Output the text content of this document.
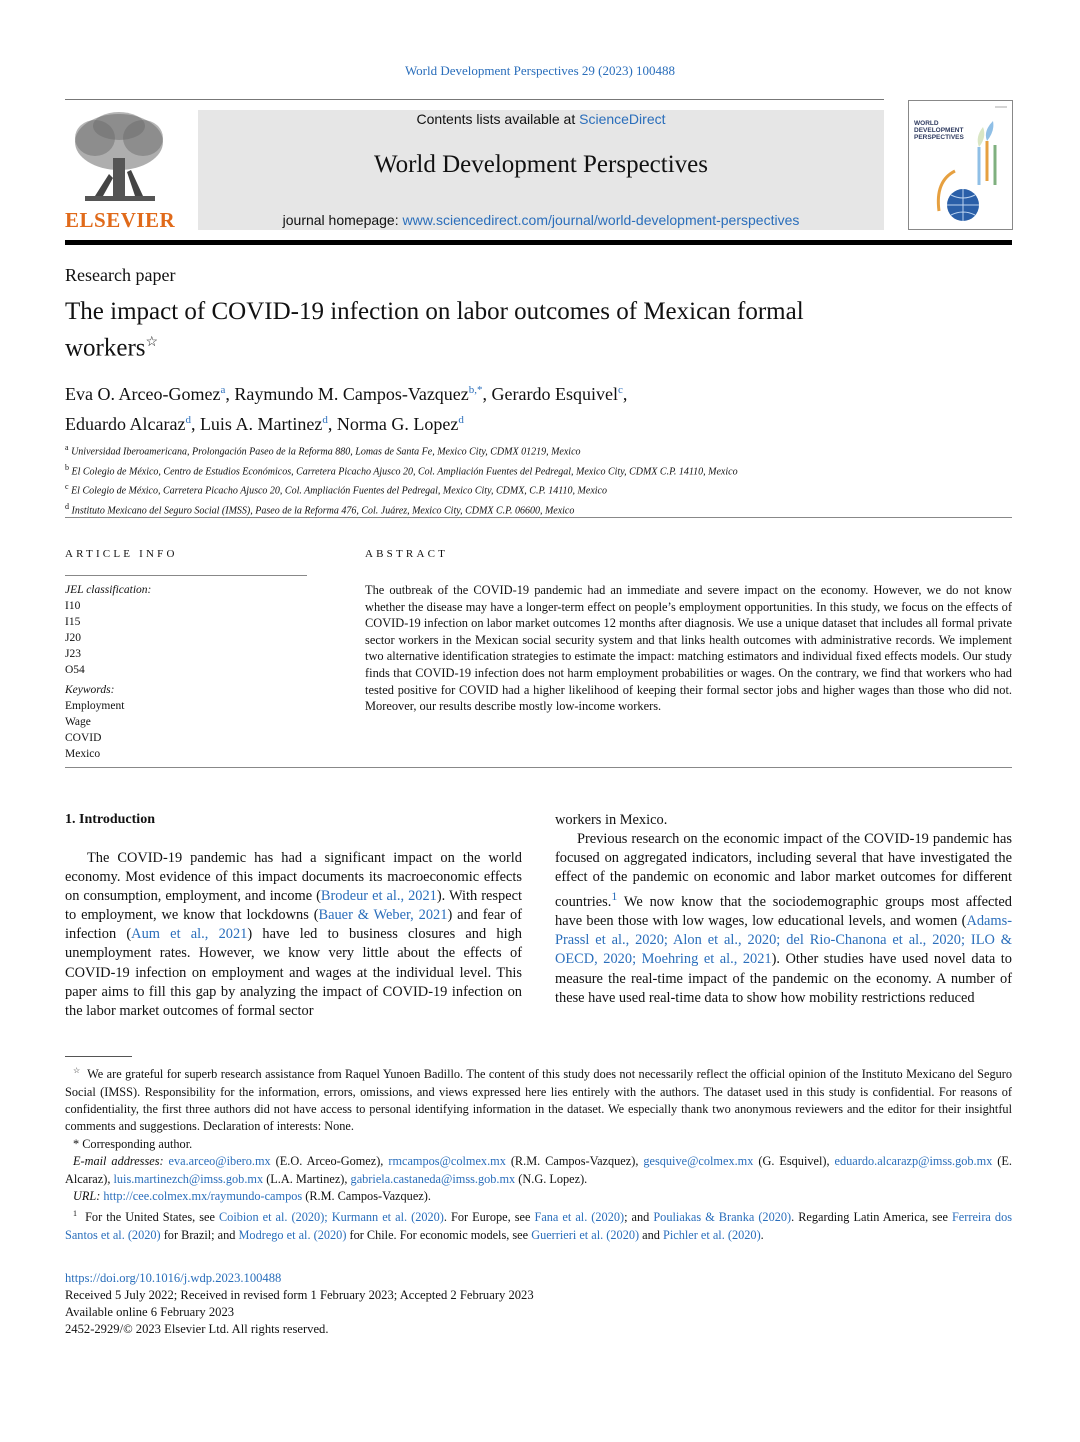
World Development Perspectives 29 (2023) 100488
ELSEVIER
Contents lists available at ScienceDirect
World Development Perspectives
journal homepage: www.sciencedirect.com/journal/world-development-perspectives
WORLD DEVELOPMENT PERSPECTIVES
Research paper
The impact of COVID-19 infection on labor outcomes of Mexican formal workers☆
Eva O. Arceo-Gomez$^a$, Raymundo M. Campos-Vazquez$^{b,*}$, Gerardo Esquivel$^c$,
Eduardo Alcaraz$^d$, Luis A. Martinez$^d$, Norma G. Lopez$^d$
$^a$ Universidad Iberoamericana, Prolongación Paseo de la Reforma 880, Lomas de Santa Fe, Mexico City, CDMX 01219, Mexico
$^b$ El Colegio de México, Centro de Estudios Económicos, Carretera Picacho Ajusco 20, Col. Ampliación Fuentes del Pedregal, Mexico City, CDMX C.P. 14110, Mexico
$^c$ El Colegio de México, Carretera Picacho Ajusco 20, Col. Ampliación Fuentes del Pedregal, Mexico City, CDMX, C.P. 14110, Mexico
$^d$ Instituto Mexicano del Seguro Social (IMSS), Paseo de la Reforma 476, Col. Juárez, Mexico City, CDMX C.P. 06600, Mexico
ARTICLE INFO
JEL classification:
I10
I15
J20
J23
O54
Keywords:
Employment
Wage
COVID
Mexico
ABSTRACT
The outbreak of the COVID-19 pandemic had an immediate and severe impact on the economy. However, we do not know whether the disease may have a longer-term effect on people’s employment opportunities. In this study, we focus on the effects of COVID-19 infection on labor market outcomes 12 months after diagnosis. We use a unique dataset that includes all formal private sector workers in the Mexican social security system and that links health outcomes with administrative records. We implement two alternative identification strategies to estimate the impact: matching estimators and individual fixed effects models. Our study finds that COVID-19 infection does not harm employment probabilities or wages. On the contrary, we find that workers who had tested positive for COVID had a higher likelihood of keeping their formal sector jobs and higher wages than those who did not. Moreover, our results describe mostly low-income workers.
1. Introduction

The COVID-19 pandemic has had a significant impact on the world economy. Most evidence of this impact documents its macroeconomic effects on consumption, employment, and income (Brodeur et al., 2021). With respect to employment, we know that lockdowns (Bauer & Weber, 2021) and fear of infection (Aum et al., 2021) have led to business closures and high unemployment rates. However, we know very little about the effects of COVID-19 infection on employment and wages at the individual level. This paper aims to fill this gap by analyzing the impact of COVID-19 infection on the labor market outcomes of formal sector

workers in Mexico.

Previous research on the economic impact of the COVID-19 pandemic has focused on aggregated indicators, including several that have investigated the effect of the pandemic on economic and labor market outcomes for different countries.$^1$ We now know that the sociodemographic groups most affected have been those with low wages, low educational levels, and women (Adams-Prassl et al., 2020; Alon et al., 2020; del Rio-Chanona et al., 2020; ILO & OECD, 2020; Moehring et al., 2021). Other studies have used novel data to measure the real-time impact of the pandemic on the economy. A number of these have used real-time data to show how mobility restrictions reduced

☆ We are grateful for superb research assistance from Raquel Yunoen Badillo. The content of this study does not necessarily reflect the official opinion of the Instituto Mexicano del Seguro Social (IMSS). Responsibility for the information, errors, omissions, and views expressed here lies entirely with the authors. The dataset used in this study is confidential. For reasons of confidentiality, the first three authors did not have access to personal identifying information in the dataset. We especially thank two anonymous reviewers and the editor for their insightful comments and suggestions. Declaration of interests: None.

* Corresponding author.

E-mail addresses: eva.arceo@ibero.mx (E.O. Arceo-Gomez), rmcampos@colmex.mx (R.M. Campos-Vazquez), gesquive@colmex.mx (G. Esquivel), eduardo.alcarazp@imss.gob.mx (E. Alcaraz), luis.martinezch@imss.gob.mx (L.A. Martinez), gabriela.castaneda@imss.gob.mx (N.G. Lopez).

URL: http://cee.colmex.mx/raymundo-campos (R.M. Campos-Vazquez).

$^1$ For the United States, see Coibion et al. (2020); Kurmann et al. (2020). For Europe, see Fana et al. (2020); and Pouliakas & Branka (2020). Regarding Latin America, see Ferreira dos Santos et al. (2020) for Brazil; and Modrego et al. (2020) for Chile. For economic models, see Guerrieri et al. (2020) and Pichler et al. (2020).

https://doi.org/10.1016/j.wdp.2023.100488
Received 5 July 2022; Received in revised form 1 February 2023; Accepted 2 February 2023
Available online 6 February 2023
2452-2929/© 2023 Elsevier Ltd. All rights reserved.
